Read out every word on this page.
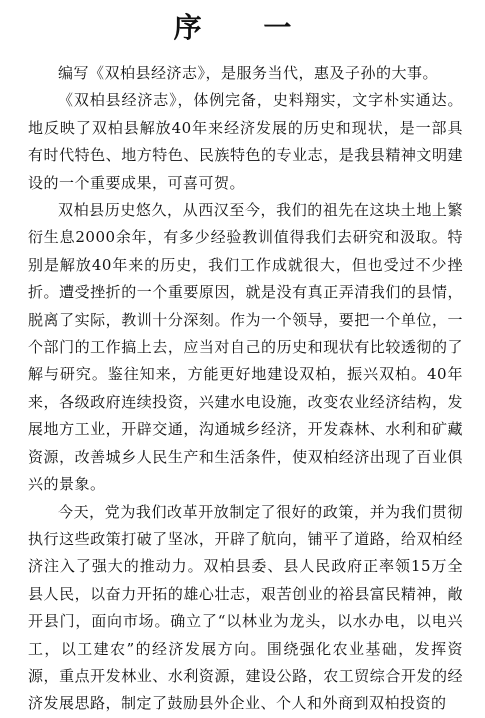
序 一

编写《双柏县经济志》，是服务当代，惠及子孙的大事。

《双柏县经济志》，体例完备，史料翔实，文字朴实通达。地反映了双柏县解放40年来经济发展的历史和现状，是一部具有时代特色、地方特色、民族特色的专业志，是我县精神文明建设的一个重要成果，可喜可贺。

双柏县历史悠久，从西汉至今，我们的祖先在这块土地上繁衍生息2000余年，有多少经验教训值得我们去研究和汲取。特别是解放40年来的历史，我们工作成就很大，但也受过不少挫折。遭受挫折的一个重要原因，就是没有真正弄清我们的县情，脱离了实际，教训十分深刻。作为一个领导，要把一个单位，一个部门的工作搞上去，应当对自己的历史和现状有比较透彻的了解与研究。鉴往知来，方能更好地建设双柏，振兴双柏。40年来，各级政府连续投资，兴建水电设施，改变农业经济结构，发展地方工业，开辟交通，沟通城乡经济，开发森林、水利和矿藏资源，改善城乡人民生产和生活条件，使双柏经济出现了百业俱兴的景象。

今天，党为我们改革开放制定了很好的政策，并为我们贯彻执行这些政策打破了坚冰，开辟了航向，铺平了道路，给双柏经济注入了强大的推动力。双柏县委、县人民政府正率领15万全县人民，以奋力开拓的雄心壮志，艰苦创业的裕县富民精神，敞开县门，面向市场。确立了“以林业为龙头，以水办电，以电兴工，以工建农”的经济发展方向。围绕强化农业基础，发挥资源，重点开发林业、水利资源，建设公路，农工贸综合开发的经济发展思路，制定了鼓励县外企业、个人和外商到双柏投资的
